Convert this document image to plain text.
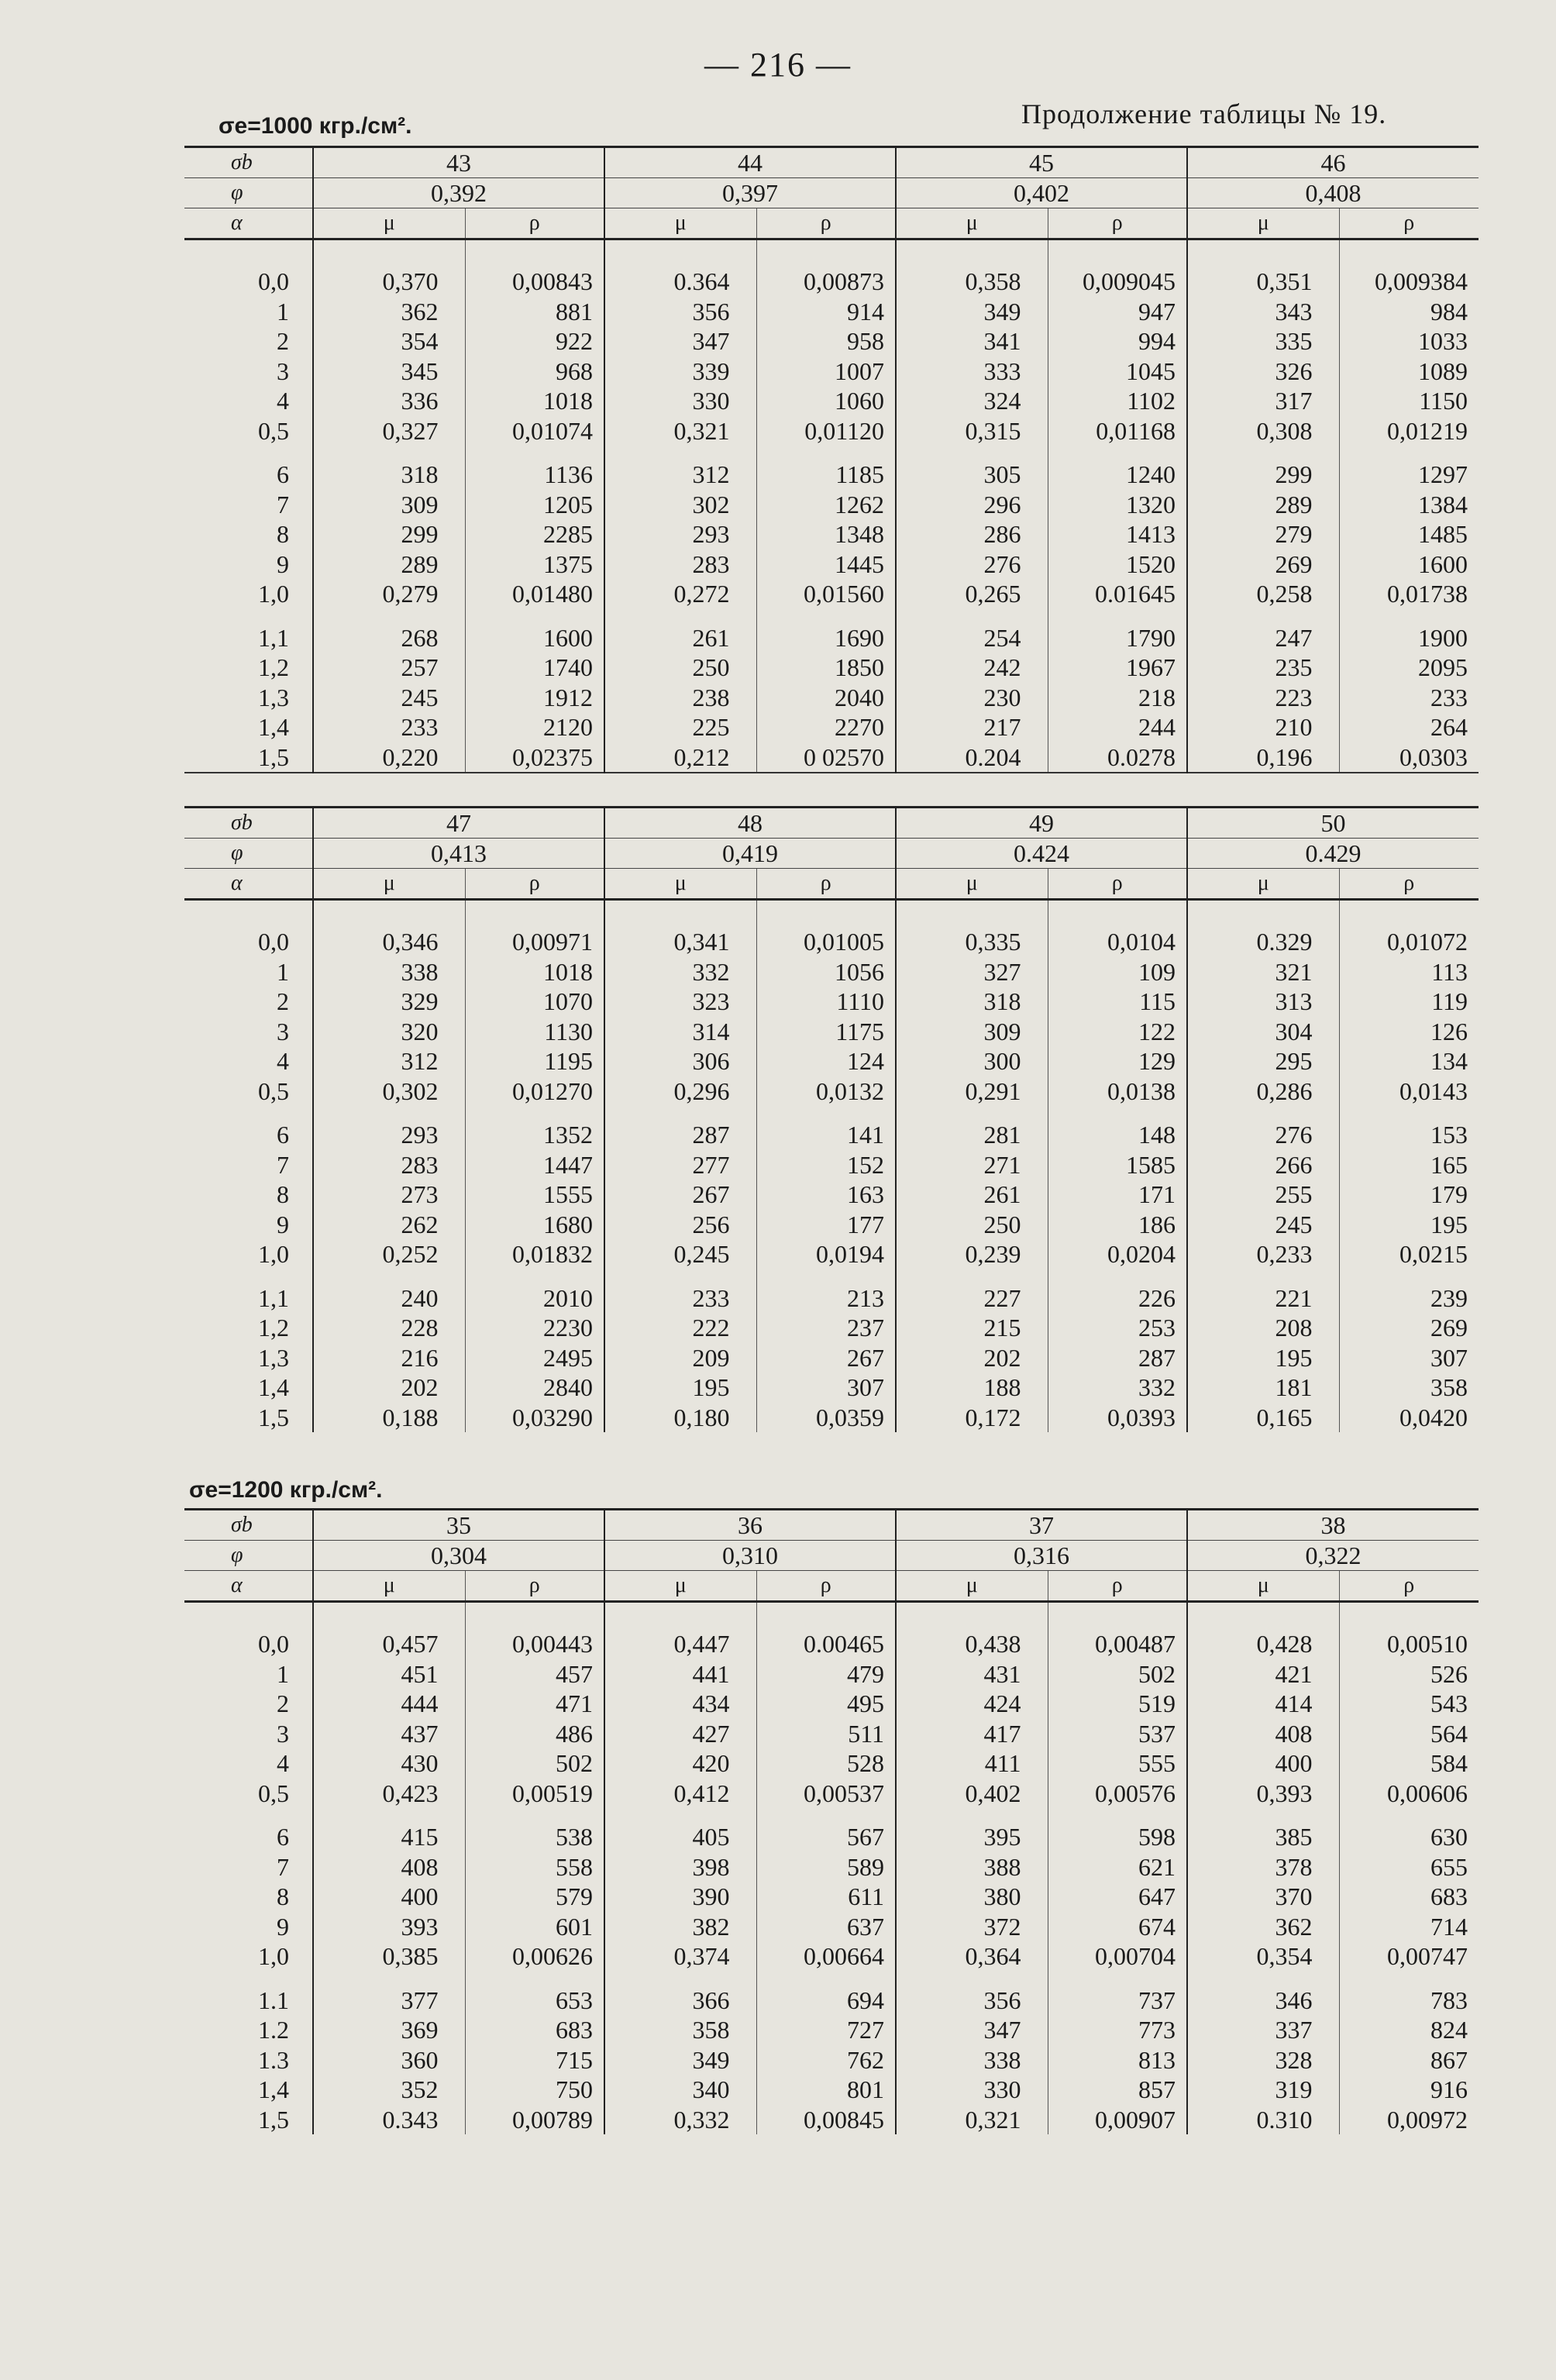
— 216 —
σe=1000 кгр./см².	Продолжение таблицы № 19.
σe=1200 кгр./см².
σb	43		44		45		46	
φ	0,392		0,397		0,402		0,408	
α	μ	ρ	μ	ρ	μ	ρ	μ	ρ

0,0	0,370	0,00843	0.364	0,00873	0,358	0,009045	0,351	0,009384
1	362	881	356	914	349	947	343	984
2	354	922	347	958	341	994	335	1033
3	345	968	339	1007	333	1045	326	1089
4	336	1018	330	1060	324	1102	317	1150
0,5	0,327	0,01074	0,321	0,01120	0,315	0,01168	0,308	0,01219

6	318	1136	312	1185	305	1240	299	1297
7	309	1205	302	1262	296	1320	289	1384
8	299	2285	293	1348	286	1413	279	1485
9	289	1375	283	1445	276	1520	269	1600
1,0	0,279	0,01480	0,272	0,01560	0,265	0.01645	0,258	0,01738

1,1	268	1600	261	1690	254	1790	247	1900
1,2	257	1740	250	1850	242	1967	235	2095
1,3	245	1912	238	2040	230	218	223	233
1,4	233	2120	225	2270	217	244	210	264
1,5	0,220	0,02375	0,212	0 02570	0.204	0.0278	0,196	0,0303
σb	47		48		49		50	
φ	0,413		0,419		0.424		0.429	
α	μ	ρ	μ	ρ	μ	ρ	μ	ρ

0,0	0,346	0,00971	0,341	0,01005	0,335	0,0104	0.329	0,01072
1	338	1018	332	1056	327	109	321	113
2	329	1070	323	1110	318	115	313	119
3	320	1130	314	1175	309	122	304	126
4	312	1195	306	124	300	129	295	134
0,5	0,302	0,01270	0,296	0,0132	0,291	0,0138	0,286	0,0143

6	293	1352	287	141	281	148	276	153
7	283	1447	277	152	271	1585	266	165
8	273	1555	267	163	261	171	255	179
9	262	1680	256	177	250	186	245	195
1,0	0,252	0,01832	0,245	0,0194	0,239	0,0204	0,233	0,0215

1,1	240	2010	233	213	227	226	221	239
1,2	228	2230	222	237	215	253	208	269
1,3	216	2495	209	267	202	287	195	307
1,4	202	2840	195	307	188	332	181	358
1,5	0,188	0,03290	0,180	0,0359	0,172	0,0393	0,165	0,0420
σb	35		36		37		38	
φ	0,304		0,310		0,316		0,322	
α	μ	ρ	μ	ρ	μ	ρ	μ	ρ

0,0	0,457	0,00443	0,447	0.00465	0,438	0,00487	0,428	0,00510
1	451	457	441	479	431	502	421	526
2	444	471	434	495	424	519	414	543
3	437	486	427	511	417	537	408	564
4	430	502	420	528	411	555	400	584
0,5	0,423	0,00519	0,412	0,00537	0,402	0,00576	0,393	0,00606

6	415	538	405	567	395	598	385	630
7	408	558	398	589	388	621	378	655
8	400	579	390	611	380	647	370	683
9	393	601	382	637	372	674	362	714
1,0	0,385	0,00626	0,374	0,00664	0,364	0,00704	0,354	0,00747

1.1	377	653	366	694	356	737	346	783
1.2	369	683	358	727	347	773	337	824
1.3	360	715	349	762	338	813	328	867
1,4	352	750	340	801	330	857	319	916
1,5	0.343	0,00789	0,332	0,00845	0,321	0,00907	0.310	0,00972
